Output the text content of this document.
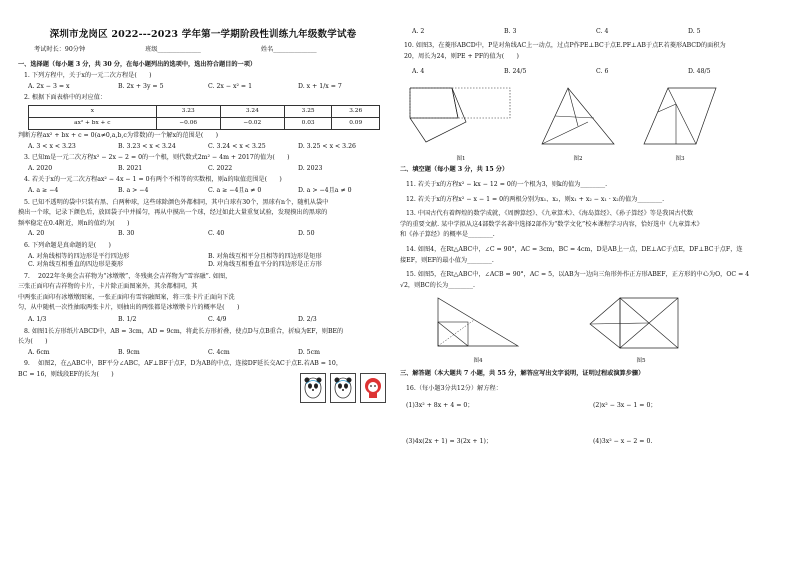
深圳市龙岗区 2022---2023 学年第一学期阶段性训练九年级数学试卷
考试时长：90分钟	班级______________	姓名______________
一、选择题（每小题 3 分，共 30 分，在每小题列出的选项中，选出符合题目的一项）
1. 下列方程中，关于x的一元二次方程是(　　)
A. 2x − 3 = x	B. 2x + 3y = 5	C. 2x − x² = 1	D. x + 1/x = 7
2. 根据下面表格中的对应值：
x	3.23	3.24	3.25	3.26
ax² + bx + c	−0.06	−0.02	0.03	0.09
判断方程ax² + bx + c = 0(a≠0,a,b,c为常数)的一个解x的范围是(　　)
A. 3 < x < 3.23	B. 3.23 < x < 3.24	C. 3.24 < x < 3.25	D. 3.25 < x < 3.26
3. 已知m是一元二次方程x² − 2x − 2 = 0的一个根，则代数式2m² − 4m + 2017的值为(　　)
A. 2020	B. 2021	C. 2022	D. 2023
4. 若关于x的一元二次方程ax² − 4x − 1 = 0有两个不相等的实数根，则a的取值范围是(　　)
A. a ≥ −4	B. a > −4	C. a ≥ −4且a ≠ 0	D. a > −4且a ≠ 0
5. 已知不透明的袋中只装有黑、白两种球，这些球除颜色外都相同，其中白球有30个，黑球有n个，随机从袋中
摸出一个球，记录下颜色后，放回袋子中并摇匀，再从中摸出一个球，经过如此大量重复试验，发现摸出的黑球的
频率稳定在0.4附近，则n的值约为(　　)
A. 20	B. 30	C. 40	D. 50
6. 下列命题是真命题的是(　　)
A. 对角线相等的四边形是平行四边形	B. 对角线互相平分且相等的四边形是矩形
C. 对角线互相垂直的四边形是菱形	D. 对角线互相垂直平分的四边形是正方形
7. 　2022年冬奥会吉祥物为“冰墩墩”，冬残奥会吉祥物为“雪容融”. 如图，
三张正面印有吉祥物的卡片，卡片除正面图案外，其余都相同，其
中两张正面印有冰墩墩图案，一张正面印有雪容融图案，将三张卡片正面向下洗
匀，从中随机一次性抽取两张卡片，则抽出的两张都是冰墩墩卡片的概率是(　　)
A. 1/3	B. 1/2	C. 4/9	D. 2/3
8. 如图1长方形纸片ABCD中，AB = 3cm，AD = 9cm，将此长方形折叠，使点D与点B重合，折痕为EF，则BE的
长为(　　)
A. 6cm	B. 9cm	C. 4cm	D. 5cm
9. 　如图2，在△ABC中，BF平分∠ABC，AF⊥BF于点F，D为AB的中点，连接DF延长交AC于点E.若AB = 10，
BC = 16，则线段EF的长为(　　)
A. 2	B. 3	C. 4	D. 5
10. 如图3，在菱形ABCD中，P是对角线AC上一动点，过点P作PE⊥BC于点E.PF⊥AB于点F.若菱形ABCD的面积为
20，周长为24，则PE + PF的值为(　　)
A. 4	B. 24/5	C. 6	D. 48/5
图1	图2	图3
二、填空题（每小题 3 分，共 15 分）
11. 若关于x的方程x² − kx − 12 = 0的一个根为3，则k的值为________.
12. 若关于x的方程x² − x − 1 = 0的两根分别为x₁、x₂，则x₁ + x₂ − x₁ · x₂的值为________.
13. 中国古代有着辉煌的数学成就，《周髀算经》、《九章算术》、《海岛算经》、《孙子算经》等是我国古代数
学的重要文献. 某中学拟从这4部数学名著中选择2部作为“数学文化”校本课程学习内容，恰好选中《九章算术》
和《孙子算经》的概率是________.
14. 如图4，在Rt△ABC中，∠C = 90°，AC = 3cm，BC = 4cm，D是AB上一点，DE⊥AC于点E，DF⊥BC于点F，连
接EF，则EF的最小值为________.
15. 如图5，在Rt△ABC中，∠ACB = 90°，AC = 5，以AB为一边向三角形外作正方形ABEF，正方形的中心为O，OC = 4
√2，则BC的长为________.
图4	图5
三、解答题（本大题共 7 小题，共 55 分，解答应写出文字说明，证明过程或演算步骤）
16.（每小题3分共12分）解方程：
(1)3x² + 8x + 4 = 0；	(2)x² − 3x − 1 = 0；
(3)4x(2x + 1) = 3(2x + 1)；	(4)3x² − x − 2 = 0.
